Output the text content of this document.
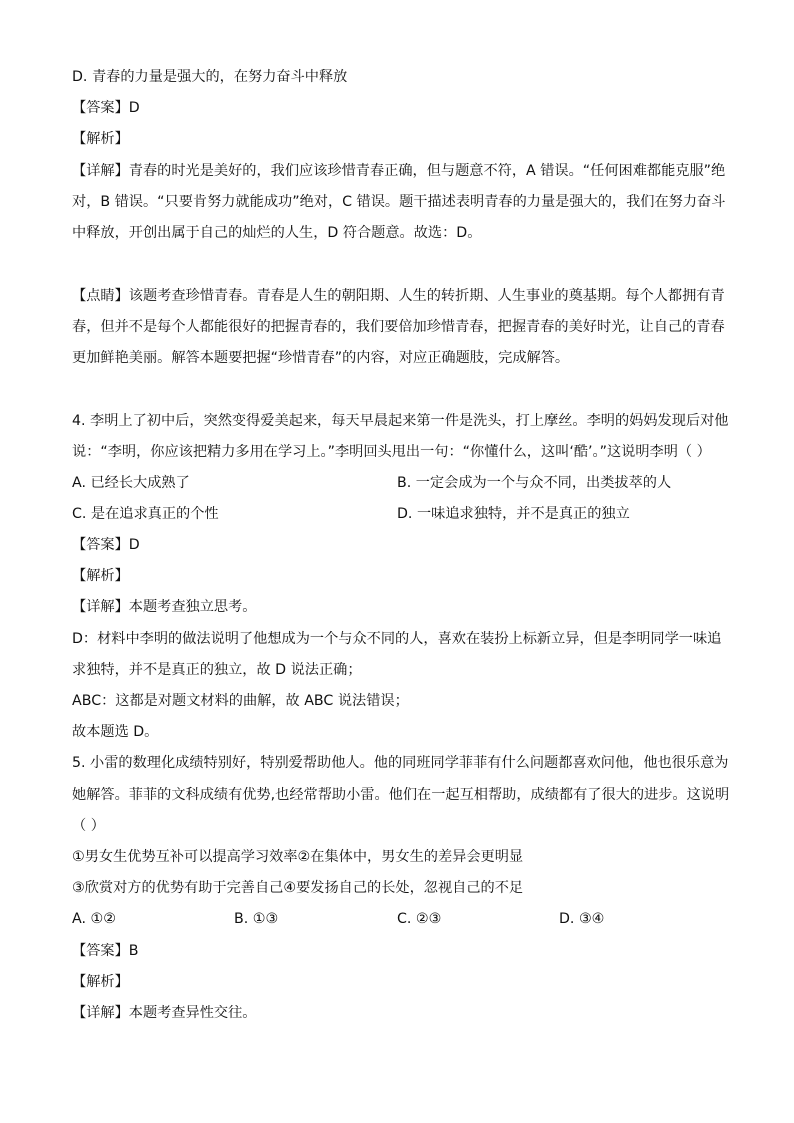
D. 青春的力量是强大的，在努力奋斗中释放
【答案】D
【解析】
【详解】青春的时光是美好的，我们应该珍惜青春正确，但与题意不符，A 错误。“任何困难都能克服”绝
对，B 错误。“只要肯努力就能成功”绝对，C 错误。题干描述表明青春的力量是强大的，我们在努力奋斗
中释放，开创出属于自己的灿烂的人生，D 符合题意。故选：D。
【点睛】该题考查珍惜青春。青春是人生的朝阳期、人生的转折期、人生事业的奠基期。每个人都拥有青
春，但并不是每个人都能很好的把握青春的，我们要倍加珍惜青春，把握青春的美好时光，让自己的青春
更加鲜艳美丽。解答本题要把握“珍惜青春”的内容，对应正确题肢，完成解答。
4. 李明上了初中后，突然变得爱美起来，每天早晨起来第一件是洗头，打上摩丝。李明的妈妈发现后对他
说：“李明，你应该把精力多用在学习上。”李明回头甩出一句：“你懂什么，这叫‘酷’。”这说明李明（ ）
A. 已经长大成熟了	B. 一定会成为一个与众不同，出类拔萃的人
C. 是在追求真正的个性	D. 一味追求独特，并不是真正的独立
【答案】D
【解析】
【详解】本题考查独立思考。
D：材料中李明的做法说明了他想成为一个与众不同的人，喜欢在装扮上标新立异，但是李明同学一味追
求独特，并不是真正的独立，故 D 说法正确；
ABC：这都是对题文材料的曲解，故 ABC 说法错误；
故本题选 D。
5. 小雷的数理化成绩特别好，特别爱帮助他人。他的同班同学菲菲有什么问题都喜欢问他，他也很乐意为
她解答。菲菲的文科成绩有优势,也经常帮助小雷。他们在一起互相帮助，成绩都有了很大的进步。这说明
（ ）
①男女生优势互补可以提高学习效率②在集体中，男女生的差异会更明显
③欣赏对方的优势有助于完善自己④要发扬自己的长处，忽视自己的不足
A. ①②	B. ①③	C. ②③	D. ③④
【答案】B
【解析】
【详解】本题考查异性交往。
